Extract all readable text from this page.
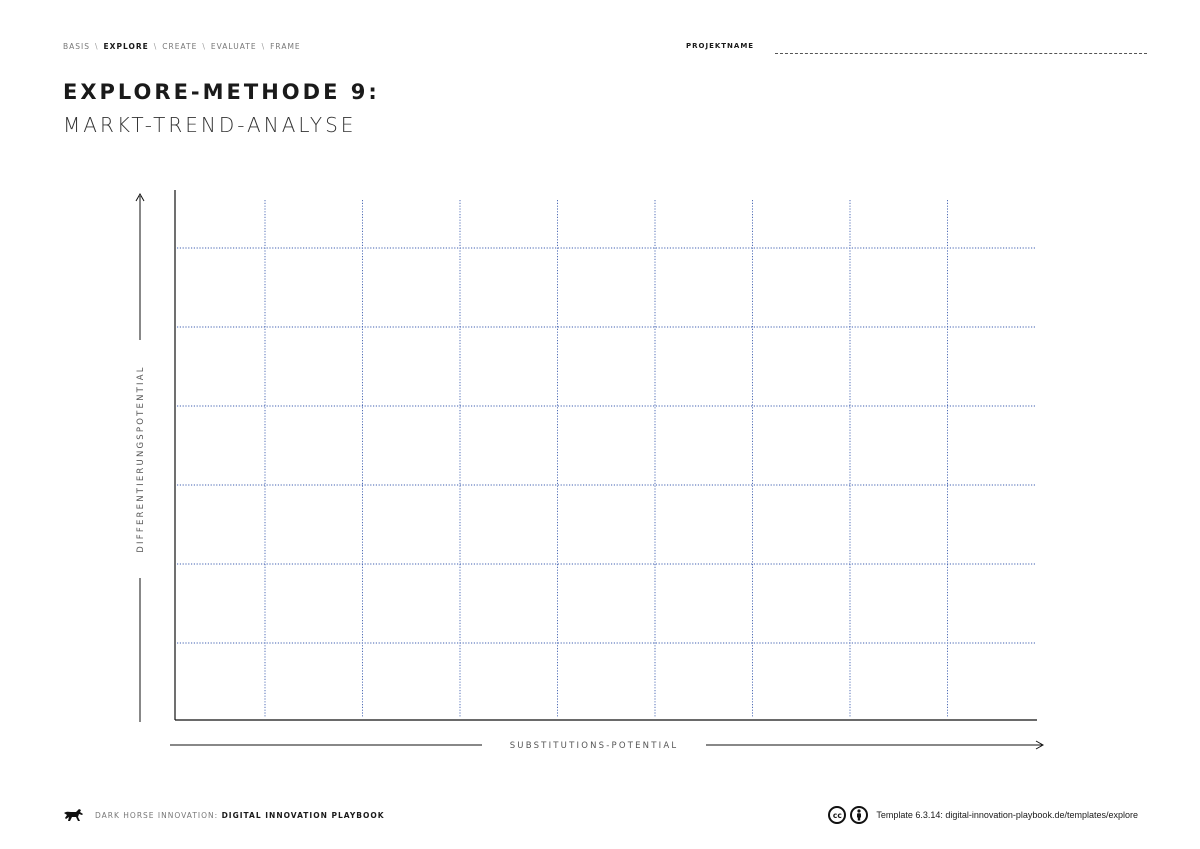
BASIS \ EXPLORE \ CREATE \ EVALUATE \ FRAME	PROJEKTNAME
EXPLORE-METHODE 9:
MARKT-TREND-ANALYSE
DIFFERENTIERUNGSPOTENTIAL
SUBSTITUTIONS-POTENTIAL
DARK HORSE INNOVATION: DIGITAL INNOVATION PLAYBOOK	cc	Template 6.3.14: digital-innovation-playbook.de/templates/explore
